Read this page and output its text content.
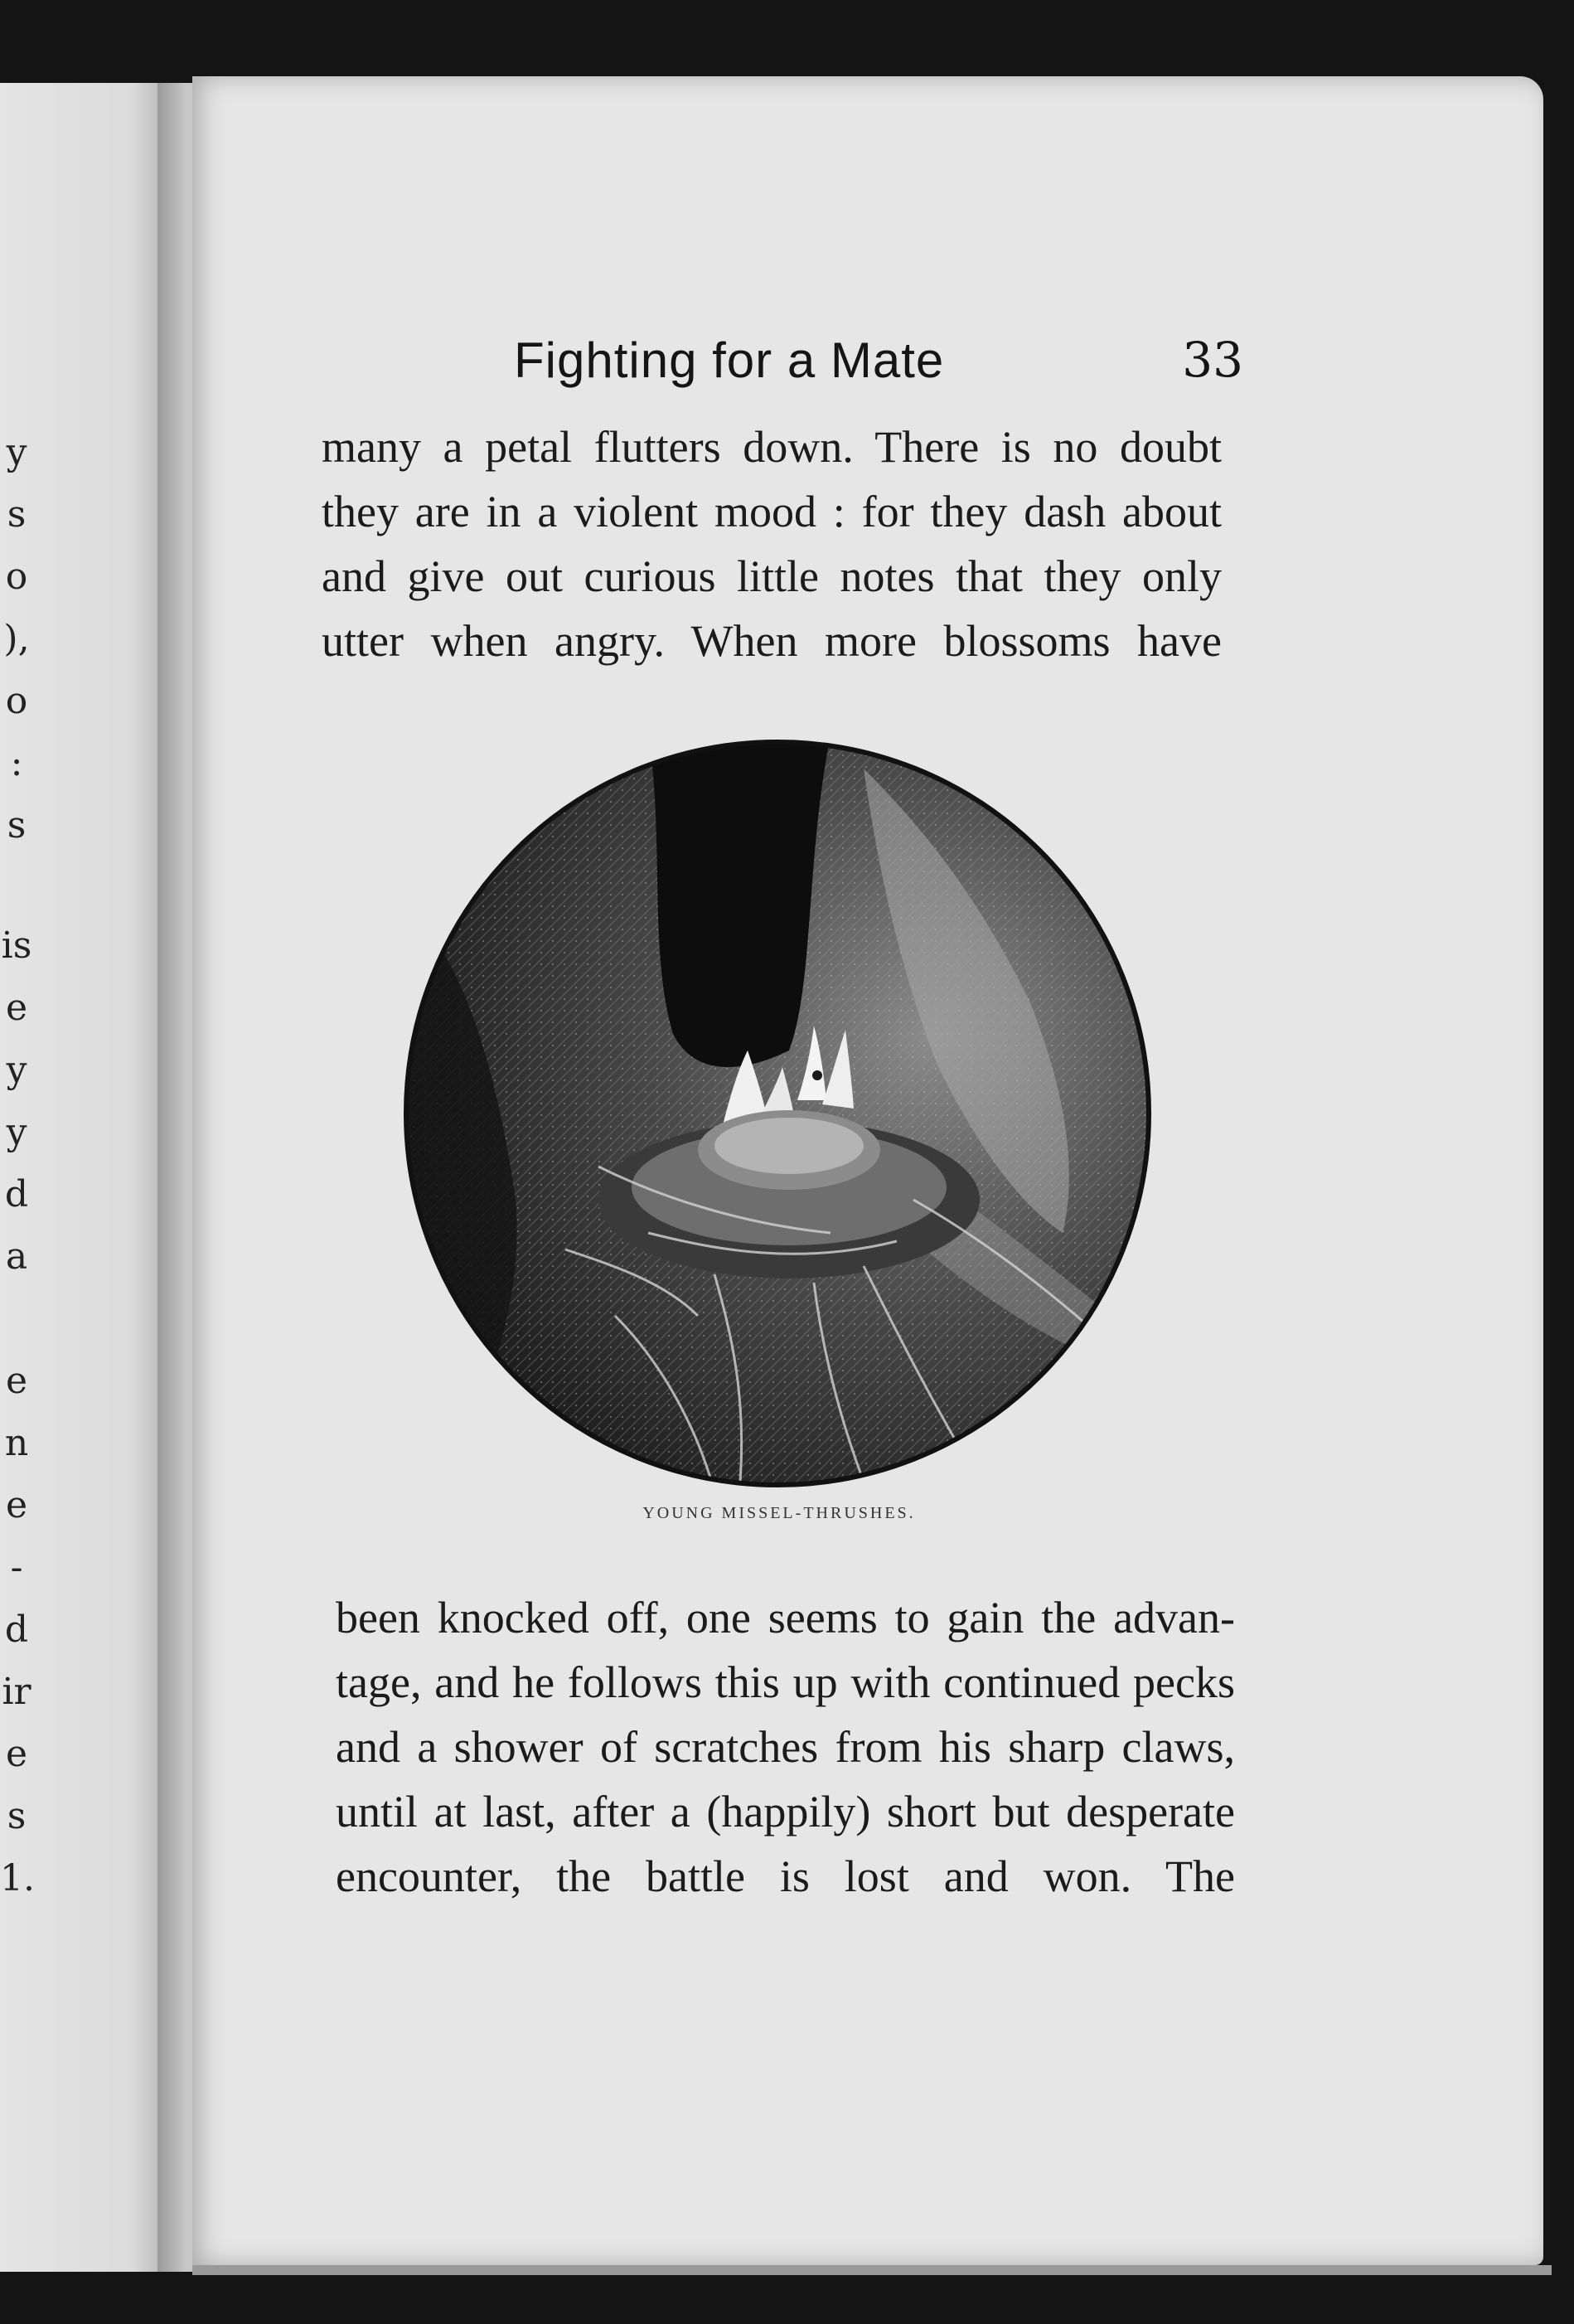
y
s
o
),
o
:
s
is
e
y
y
d
a
e
n
e
-
d
ir
e
s
1.
Fighting for a Mate	33
many a petal flutters down. There is no doubt
they are in a violent mood : for they dash about
and give out curious little notes that they only
utter when angry. When more blossoms have
YOUNG MISSEL-THRUSHES.
been knocked off, one seems to gain the advan-
tage, and he follows this up with continued pecks
and a shower of scratches from his sharp claws,
until at last, after a (happily) short but desperate
encounter, the battle is lost and won. The
